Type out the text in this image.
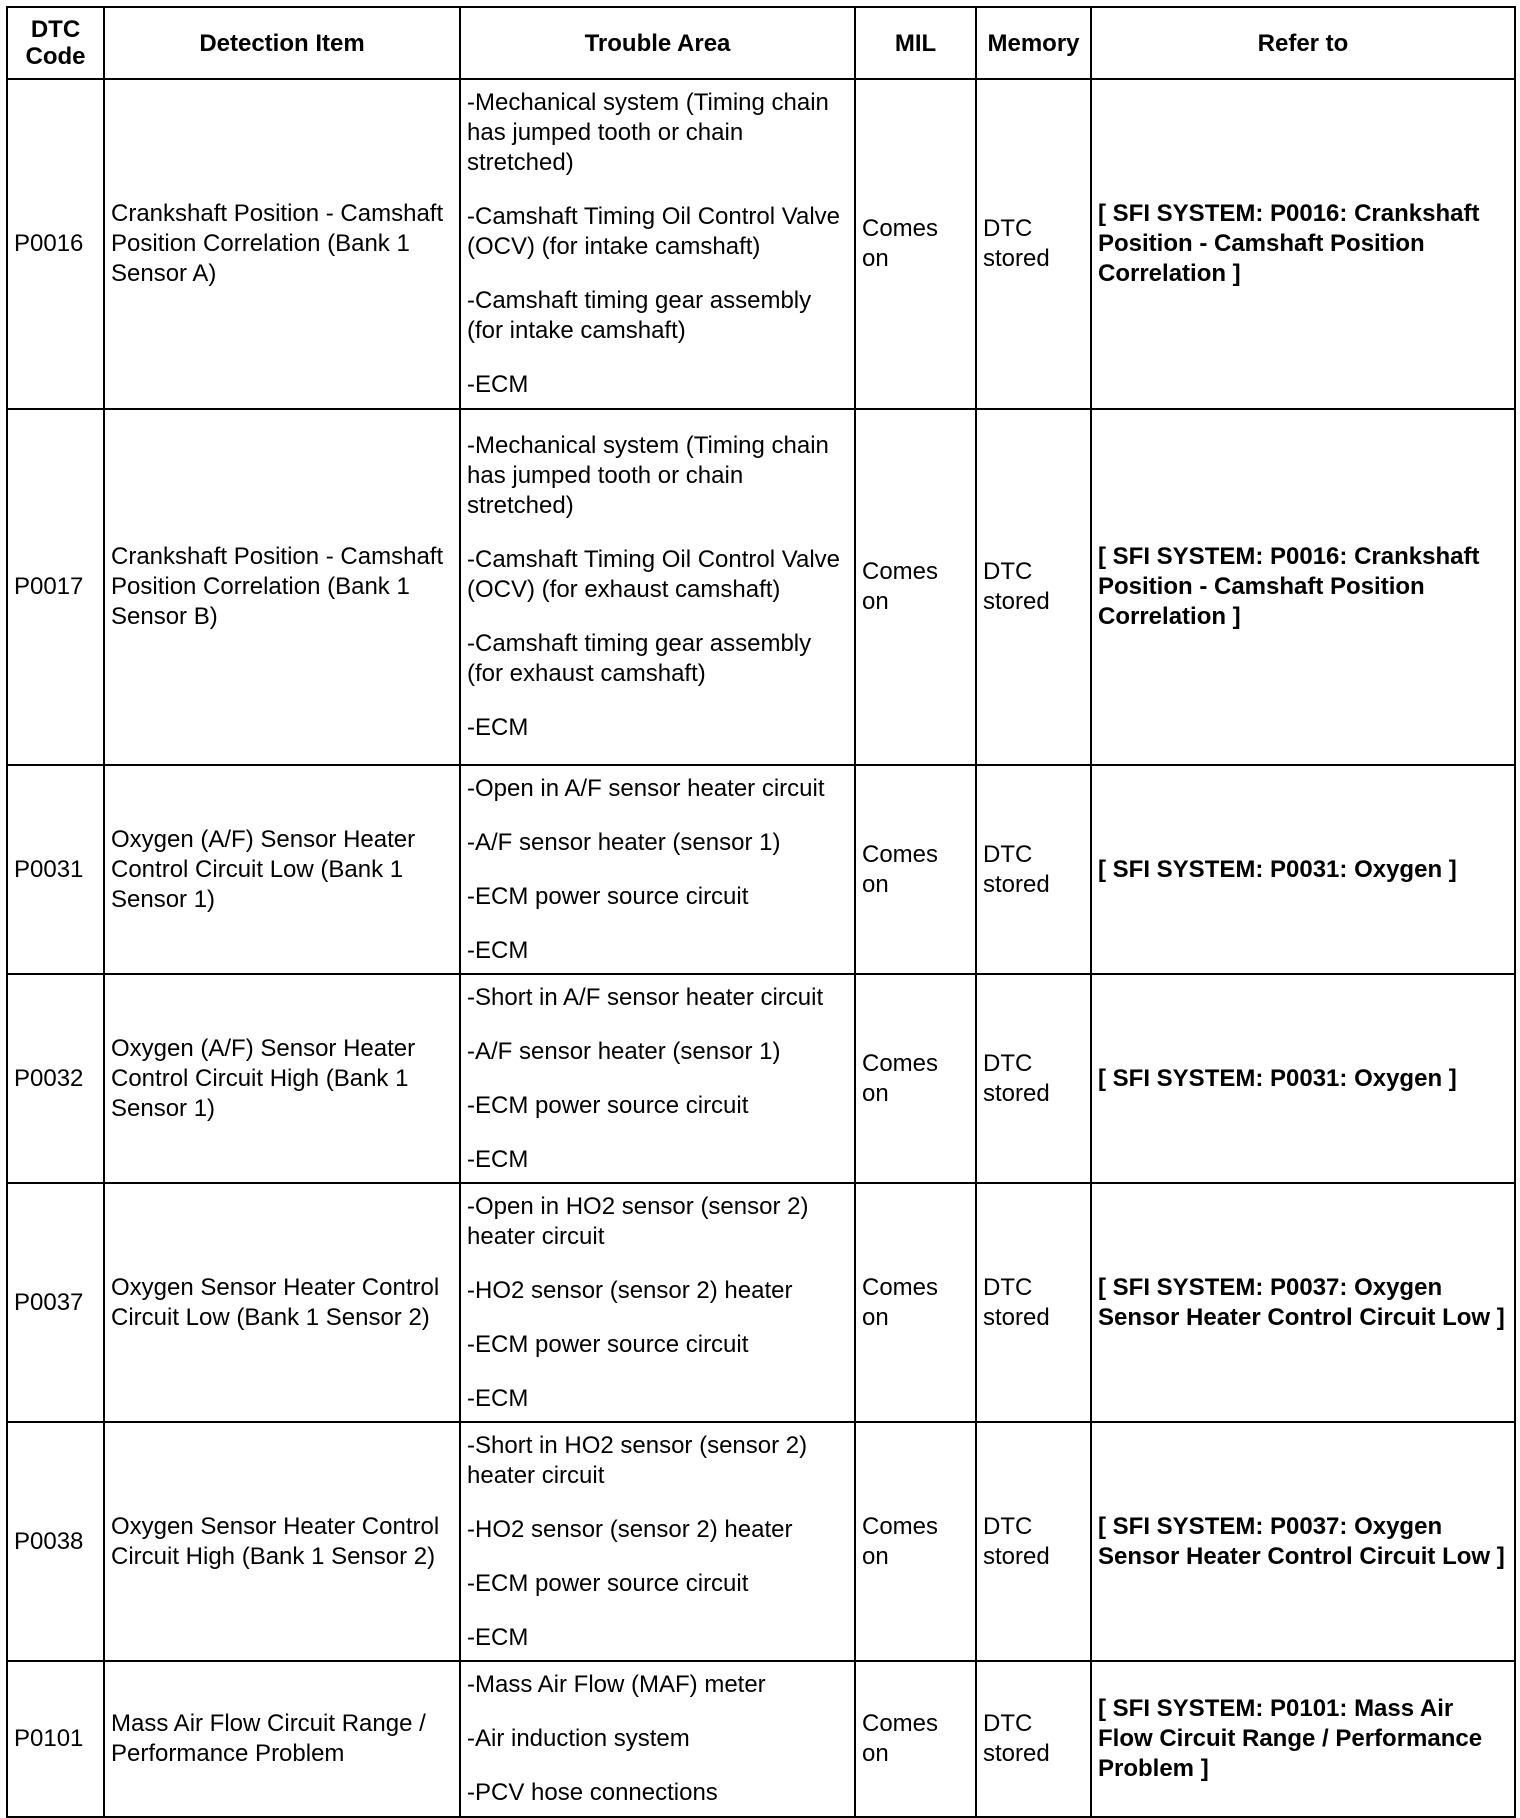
DTC Code	Detection Item	Trouble Area	MIL	Memory	Refer to
P0016	Crankshaft Position - Camshaft Position Correlation (Bank 1 Sensor A)	-Mechanical system (Timing chain has jumped tooth or chain stretched)
-Camshaft Timing Oil Control Valve (OCV) (for intake camshaft)
-Camshaft timing gear assembly (for intake camshaft)
-ECM	Comes on	DTC stored	[ SFI SYSTEM: P0016: Crankshaft Position - Camshaft Position Correlation ]
P0017	Crankshaft Position - Camshaft Position Correlation (Bank 1 Sensor B)	-Mechanical system (Timing chain has jumped tooth or chain stretched)
-Camshaft Timing Oil Control Valve (OCV) (for exhaust camshaft)
-Camshaft timing gear assembly (for exhaust camshaft)
-ECM	Comes on	DTC stored	[ SFI SYSTEM: P0016: Crankshaft Position - Camshaft Position Correlation ]
P0031	Oxygen (A/F) Sensor Heater Control Circuit Low (Bank 1 Sensor 1)	-Open in A/F sensor heater circuit
-A/F sensor heater (sensor 1)
-ECM power source circuit
-ECM	Comes on	DTC stored	[ SFI SYSTEM: P0031: Oxygen ]
P0032	Oxygen (A/F) Sensor Heater Control Circuit High (Bank 1 Sensor 1)	-Short in A/F sensor heater circuit
-A/F sensor heater (sensor 1)
-ECM power source circuit
-ECM	Comes on	DTC stored	[ SFI SYSTEM: P0031: Oxygen ]
P0037	Oxygen Sensor Heater Control Circuit Low (Bank 1 Sensor 2)	-Open in HO2 sensor (sensor 2) heater circuit
-HO2 sensor (sensor 2) heater
-ECM power source circuit
-ECM	Comes on	DTC stored	[ SFI SYSTEM: P0037: Oxygen Sensor Heater Control Circuit Low ]
P0038	Oxygen Sensor Heater Control Circuit High (Bank 1 Sensor 2)	-Short in HO2 sensor (sensor 2) heater circuit
-HO2 sensor (sensor 2) heater
-ECM power source circuit
-ECM	Comes on	DTC stored	[ SFI SYSTEM: P0037: Oxygen Sensor Heater Control Circuit Low ]
P0101	Mass Air Flow Circuit Range / Performance Problem	-Mass Air Flow (MAF) meter
-Air induction system
-PCV hose connections	Comes on	DTC stored	[ SFI SYSTEM: P0101: Mass Air Flow Circuit Range / Performance Problem ]
